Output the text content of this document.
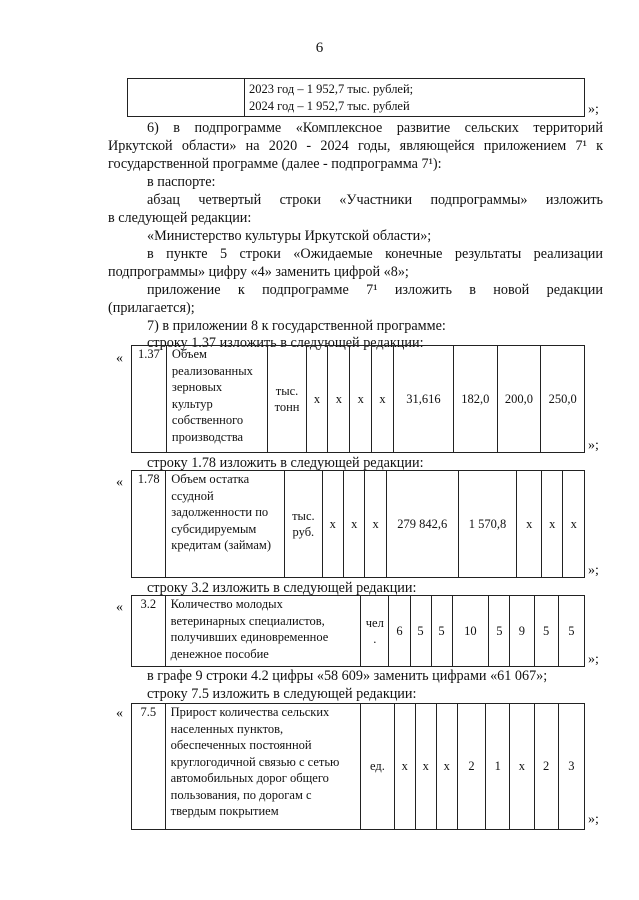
6

2023 год – 1 952,7 тыс. рублей;
2024 год – 1 952,7 тыс. рублей	»;
6) в подпрограмме «Комплексное развитие сельских территорий
Иркутской области» на 2020 - 2024 годы, являющейся приложением 7¹ к
государственной программе (далее - подпрограмма 7¹):
в паспорте:
абзац четвертый строки «Участники подпрограммы» изложить
в следующей редакции:
«Министерство культуры Иркутской области»;
в пункте 5 строки «Ожидаемые конечные результаты реализации
подпрограммы» цифру «4» заменить цифрой «8»;
приложение к подпрограмме 7¹ изложить в новой редакции
(прилагается);
7) в приложении 8 к государственной программе:
строку 1.37 изложить в следующей редакции:
« 1.37	Объем реализованных зерновых культур собственного производства	тыс. тонн	х	х	х	х	31,616	182,0	200,0	250,0
»;
строку 1.78 изложить в следующей редакции:
« 1.78	Объем остатка ссудной задолженности по субсидируемым кредитам (займам)	тыс. руб.	х	х	х	279 842,6	1 570,8	х	х	х
»;
строку 3.2 изложить в следующей редакции:
« 3.2	Количество молодых ветеринарных специалистов, получивших единовременное денежное пособие	чел .	6	5	5	10	5	9	5	5
»;
в графе 9 строки 4.2 цифры «58 609» заменить цифрами «61 067»;
строку 7.5 изложить в следующей редакции:
« 7.5	Прирост количества сельских населенных пунктов, обеспеченных постоянной круглогодичной связью с сетью автомобильных дорог общего пользования, по дорогам с твердым покрытием	ед.	х	х	х	2	1	х	2	3
»;
